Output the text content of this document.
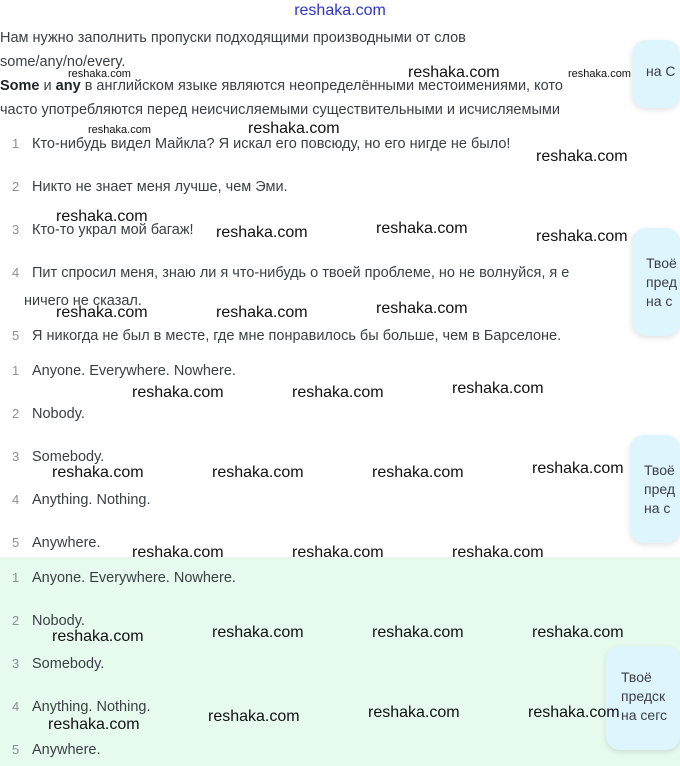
reshaka.com
Нам нужно заполнить пропуски подходящими производными от слов
some/any/no/every.
Some и any в английском языке являются неопределёнными местоимениями, кото
часто употребляются перед неисчисляемыми существительными и исчисляемыми
1 Кто-нибудь видел Майкла? Я искал его повсюду, но его нигде не было!
2 Никто не знает меня лучше, чем Эми.
3 Кто-то украл мой багаж!
4 Пит спросил меня, знаю ли я что-нибудь о твоей проблеме, но не волнуйся, я е
ничего не сказал.
5 Я никогда не был в месте, где мне понравилось бы больше, чем в Барселоне.
1 Anyone. Everywhere. Nowhere.
2 Nobody.
3 Somebody.
4 Anything. Nothing.
5 Anywhere.
1 Anyone. Everywhere. Nowhere.
2 Nobody.
3 Somebody.
4 Anything. Nothing.
5 Anywhere.
на С
Твоё
пред
на с
Твоё
пред
на с
Твоё
предск
на сегс
reshaka.com	reshaka.com	reshaka.com
reshaka.com	reshaka.com
reshaka.com
reshaka.com
reshaka.com	reshaka.com	reshaka.com
reshaka.com	reshaka.com	reshaka.com
reshaka.com	reshaka.com	reshaka.com
reshaka.com	reshaka.com	reshaka.com	reshaka.com
reshaka.com	reshaka.com	reshaka.com
reshaka.com	reshaka.com	reshaka.com	reshaka.com
reshaka.com	reshaka.com	reshaka.com	reshaka.com
